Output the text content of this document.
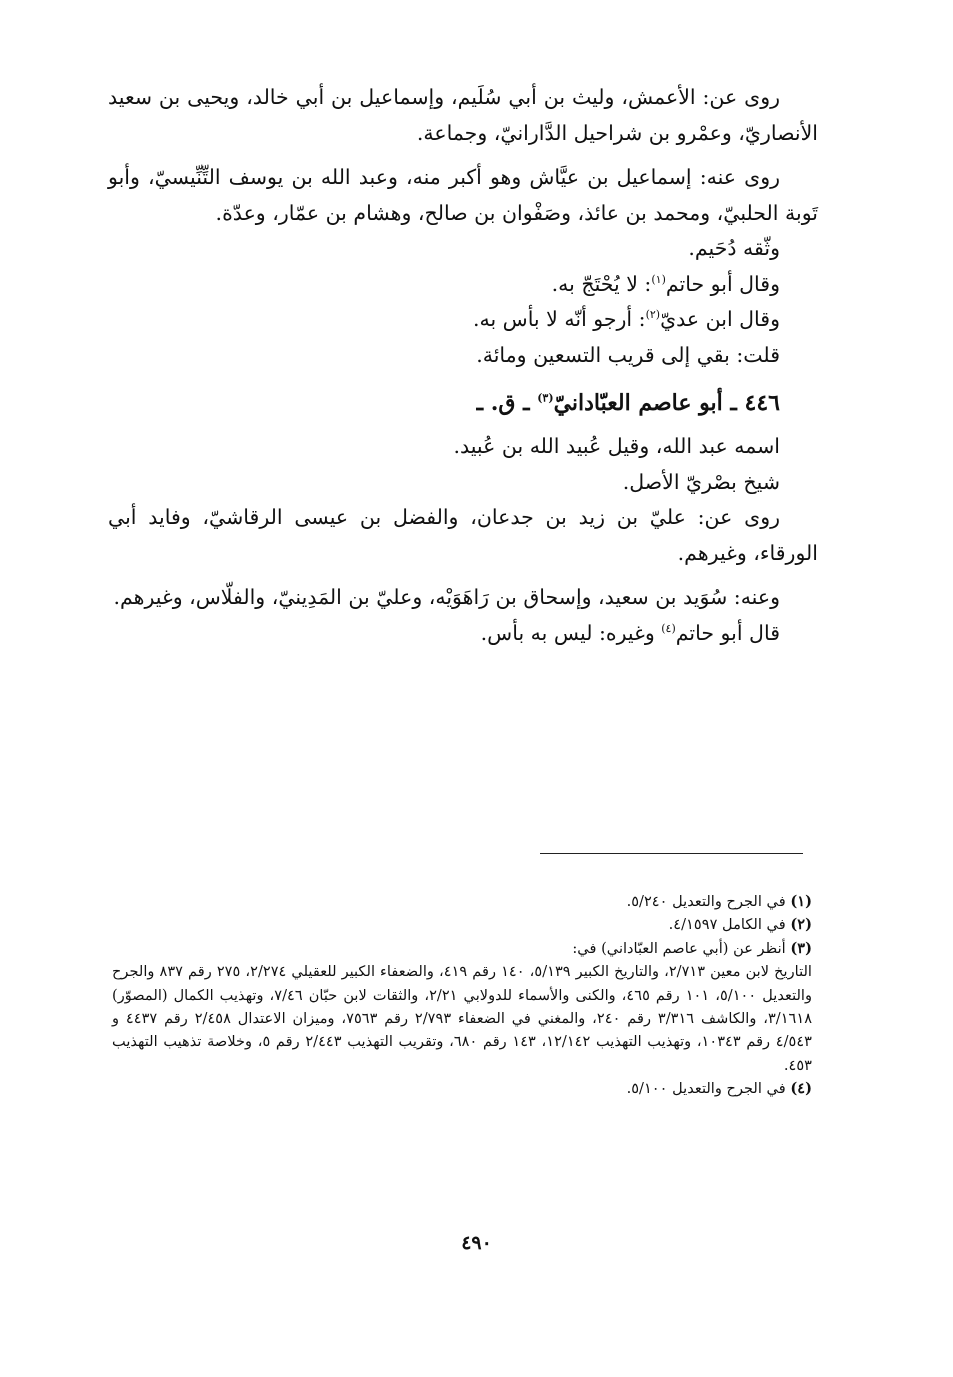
روى عن: الأعمش، وليث بن أبي سُلَيم، وإسماعيل بن أبي خالد، ويحيى بن سعيد الأنصاريّ، وعمْرو بن شراحيل الدَّارانيّ، وجماعة.

روى عنه: إسماعيل بن عيَّاش وهو أكبر منه، وعبد الله بن يوسف التِّنِّيسيّ، وأبو تَوبة الحلبيّ، ومحمد بن عائذ، وصَفْوان بن صالح، وهشام بن عمّار، وعدّة.

وثّقه دُحَيم.

وقال أبو حاتم$^{(١)}$: لا يُحْتَجّ به.

وقال ابن عديّ$^{(٢)}$: أرجو أنّه لا بأس به.

قلت: بقي إلى قريب التسعين ومائة.

٤٤٦ ـ أبو عاصم العبّادانيّ$^{(٣)}$ ـ ق. ـ

اسمه عبد الله، وقيل عُبيد الله بن عُبيد.

شيخ بصْريّ الأصل.

روى عن: عليّ بن زيد بن جدعان، والفضل بن عيسى الرقاشيّ، وفايد أبي الورقاء، وغيرهم.

وعنه: سُوَيد بن سعيد، وإسحاق بن رَاهَوَيْه، وعليّ بن المَدِينيّ، والفلّاس، وغيرهم.

قال أبو حاتم$^{(٤)}$ وغيره: ليس به بأس.

(١) في الجرح والتعديل ٥/٢٤٠.

(٢) في الكامل ٤/١٥٩٧.

(٣) أنظر عن (أبي عاصم العبّاداني) في:

التاريخ لابن معين ٢/٧١٣، والتاريخ الكبير ٥/١٣٩، ١٤٠ رقم ٤١٩، والضعفاء الكبير للعقيلي ٢/٢٧٤، ٢٧٥ رقم ٨٣٧ والجرح والتعديل ٥/١٠٠، ١٠١ رقم ٤٦٥، والكنى والأسماء للدولابي ٢/٢١، والثقات لابن حبّان ٧/٤٦، وتهذيب الكمال (المصوّر) ٣/١٦١٨، والكاشف ٣/٣١٦ رقم ٢٤٠، والمغني في الضعفاء ٢/٧٩٣ رقم ٧٥٦٣، وميزان الاعتدال ٢/٤٥٨ رقم ٤٤٣٧ و ٤/٥٤٣ رقم ١٠٣٤٣، وتهذيب التهذيب ١٢/١٤٢، ١٤٣ رقم ٦٨٠، وتقريب التهذيب ٢/٤٤٣ رقم ٥، وخلاصة تذهيب التهذيب ٤٥٣.

(٤) في الجرح والتعديل ٥/١٠٠.

٤٩٠
